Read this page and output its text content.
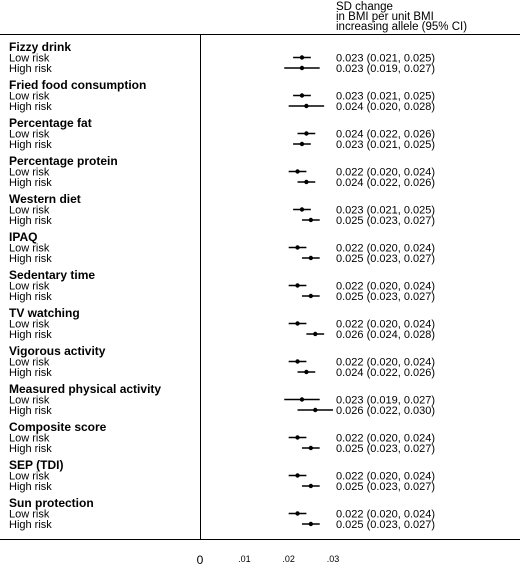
SD change
in BMI per unit BMI
increasing allele (95% CI)
Fizzy drink
Low risk	0.023 (0.021, 0.025)
High risk	0.023 (0.019, 0.027)
Fried food consumption
Low risk	0.023 (0.021, 0.025)
High risk	0.024 (0.020, 0.028)
Percentage fat
Low risk	0.024 (0.022, 0.026)
High risk	0.023 (0.021, 0.025)
Percentage protein
Low risk	0.022 (0.020, 0.024)
High risk	0.024 (0.022, 0.026)
Western diet
Low risk	0.023 (0.021, 0.025)
High risk	0.025 (0.023, 0.027)
IPAQ
Low risk	0.022 (0.020, 0.024)
High risk	0.025 (0.023, 0.027)
Sedentary time
Low risk	0.022 (0.020, 0.024)
High risk	0.025 (0.023, 0.027)
TV watching
Low risk	0.022 (0.020, 0.024)
High risk	0.026 (0.024, 0.028)
Vigorous activity
Low risk	0.022 (0.020, 0.024)
High risk	0.024 (0.022, 0.026)
Measured physical activity
Low risk	0.023 (0.019, 0.027)
High risk	0.026 (0.022, 0.030)
Composite score
Low risk	0.022 (0.020, 0.024)
High risk	0.025 (0.023, 0.027)
SEP (TDI)
Low risk	0.022 (0.020, 0.024)
High risk	0.025 (0.023, 0.027)
Sun protection
Low risk	0.022 (0.020, 0.024)
High risk	0.025 (0.023, 0.027)
0	.01	.02	.03
